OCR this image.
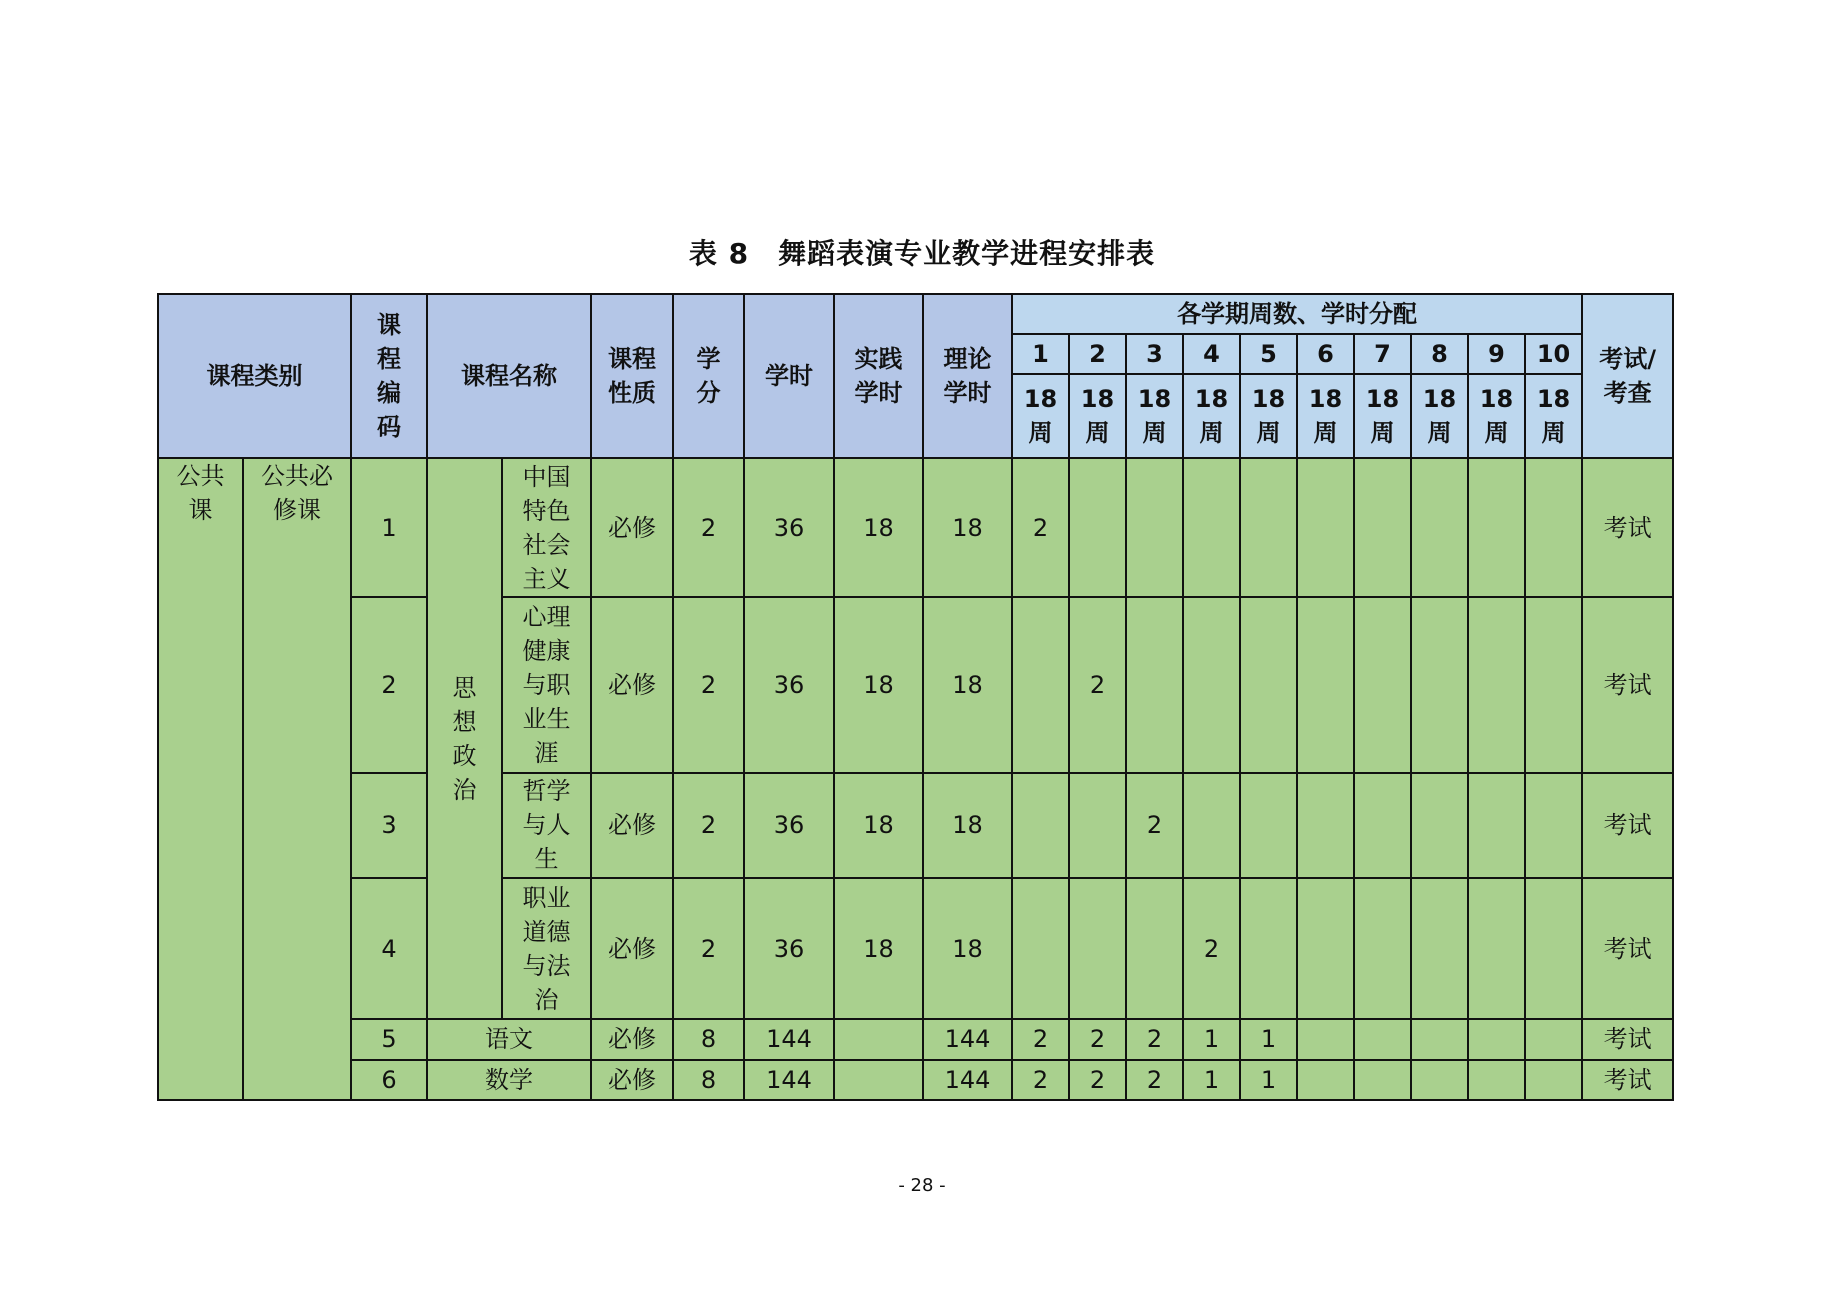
表 8　舞蹈表演专业教学进程安排表
课程类别		课程编码	课程名称		课程性质	学分	学时	实践学时	理论学时	各学期周数、学时分配										考试/考查
										1	2	3	4	5	6	7	8	9	10	
										18周	18周	18周	18周	18周	18周	18周	18周	18周	18周	
公共课	公共必修课	1	思想政治	中国特色社会主义	必修	2	36	18	18	2										考试
		2		心理健康与职业生涯	必修	2	36	18	18		2									考试
		3		哲学与人生	必修	2	36	18	18			2								考试
		4		职业道德与法治	必修	2	36	18	18				2							考试
		5	语文		必修	8	144		144	2	2	2	1	1						考试
		6	数学		必修	8	144		144	2	2	2	1	1						考试
- 28 -
